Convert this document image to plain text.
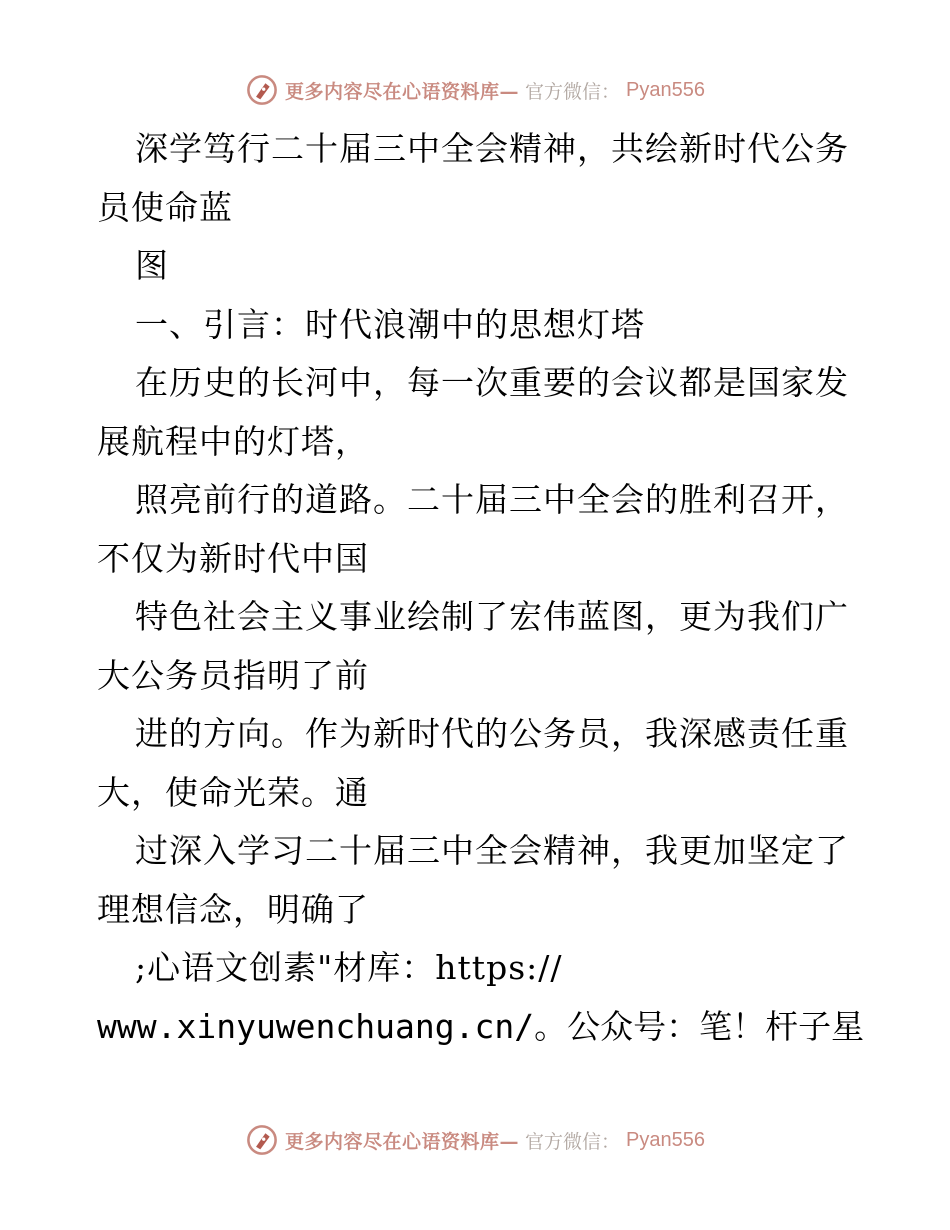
更多内容尽在心语资料库— 官方微信： Pyan556
深学笃行二十届三中全会精神，共绘新时代公务
员使命蓝
图
一、引言：时代浪潮中的思想灯塔
在历史的长河中，每一次重要的会议都是国家发
展航程中的灯塔，
照亮前行的道路。二十届三中全会的胜利召开，
不仅为新时代中国
特色社会主义事业绘制了宏伟蓝图，更为我们广
大公务员指明了前
进的方向。作为新时代的公务员，我深感责任重
大，使命光荣。通
过深入学习二十届三中全会精神，我更加坚定了
理想信念，明确了
;心语文创素"材库：https://
www.xinyuwenchuang.cn/。公众号：笔！杆子星
更多内容尽在心语资料库— 官方微信： Pyan556
